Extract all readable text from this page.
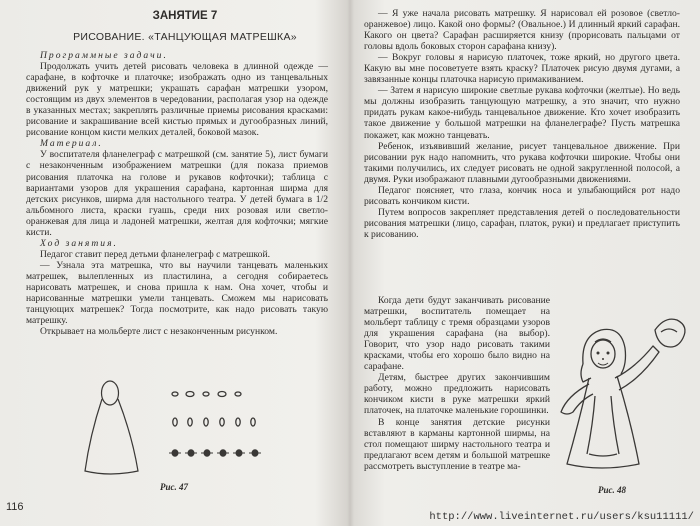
ЗАНЯТИЕ 7
РИСОВАНИЕ. «ТАНЦУЮЩАЯ МАТРЕШКА»

Программные задачи.

Продолжать учить детей рисовать человека в длинной одежде — сарафане, в кофточке и платочке; изображать одно из танцевальных движений рук у матрешки; украшать сарафан матрешки узором, состоящим из двух элементов в чередовании, располагая узор на одежде в указанных местах; закреплять различные приемы рисования красками: рисование и закрашивание всей кистью прямых и дугообразных линий, рисование концом кисти мелких деталей, боковой мазок.

Материал.

У воспитателя фланелеграф с матрешкой (см. занятие 5), лист бумаги с незаконченным изображением матрешки (для показа приемов рисования платочка на голове и рукавов кофточки); таблица с вариантами узоров для украшения сарафана, картонная ширма для детских рисунков, ширма для настольного театра. У детей бумага в 1/2 альбомного листа, краски гуашь, среди них розовая или светло-оранжевая для лица и ладоней матрешки, желтая для кофточки; мягкие кисти.

Ход занятия.

Педагог ставит перед детьми фланелеграф с матрешкой.

— Узнала эта матрешка, что вы научили танцевать маленьких матрешек, вылепленных из пластилина, а сегодня собираетесь нарисовать матрешек, и снова пришла к нам. Она хочет, чтобы и нарисованные матрешки умели танцевать. Сможем мы нарисовать танцующих матрешек? Тогда посмотрите, как надо рисовать такую матрешку.

Открывает на мольберте лист с незаконченным рисунком.

Рис. 47
116

— Я уже начала рисовать матрешку. Я нарисовал ей розовое (светло-оранжевое) лицо. Какой оно формы? (Овальное.) И длинный яркий сарафан. Какого он цвета? Сарафан расширяется книзу (прорисовать пальцами от головы вдоль боковых сторон сарафана книзу).

— Вокруг головы я нарисую платочек, тоже яркий, но другого цвета. Какую вы мне посоветуете взять краску? Платочек рисую двумя дугами, а завязанные концы платочка нарисую примакиванием.

— Затем я нарисую широкие светлые рукава кофточки (желтые). Но ведь мы должны изобразить танцующую матрешку, а это значит, что нужно придать рукам какое-нибудь танцевальное движение. Кто хочет изобразить такое движение у большой матрешки на фланелеграфе? Пусть матрешка покажет, как можно танцевать.

Ребенок, изъявивший желание, рисует танцевальное движение. При рисовании рук надо напомнить, что рукава кофточки широкие. Чтобы они такими получились, их следует рисовать не одной закругленной полосой, а двумя. Руки изображают плавными дугообразными движениями.

Педагог поясняет, что глаза, кончик носа и улыбающийся рот надо рисовать кончиком кисти.

Путем вопросов закрепляет представления детей о последовательности рисования матрешки (лицо, сарафан, платок, руки) и предлагает приступить к рисованию.

Когда дети будут заканчивать рисование матрешки, воспитатель помещает на мольберт таблицу с тремя образцами узоров для украшения сарафана (на выбор). Говорит, что узор надо рисовать такими красками, чтобы его хорошо было видно на сарафане.

Детям, быстрее других закончившим работу, можно предложить нарисовать кончиком кисти в руке матрешки яркий платочек, на платочке маленькие горошинки.

В конце занятия детские рисунки вставляют в карманы картонной ширмы, на стол помещают ширму настольного театра и предлагают всем детям и большой матрешке рассмотреть выступление в театре ма-

Рис. 48
http://www.liveinternet.ru/users/ksu11111/
